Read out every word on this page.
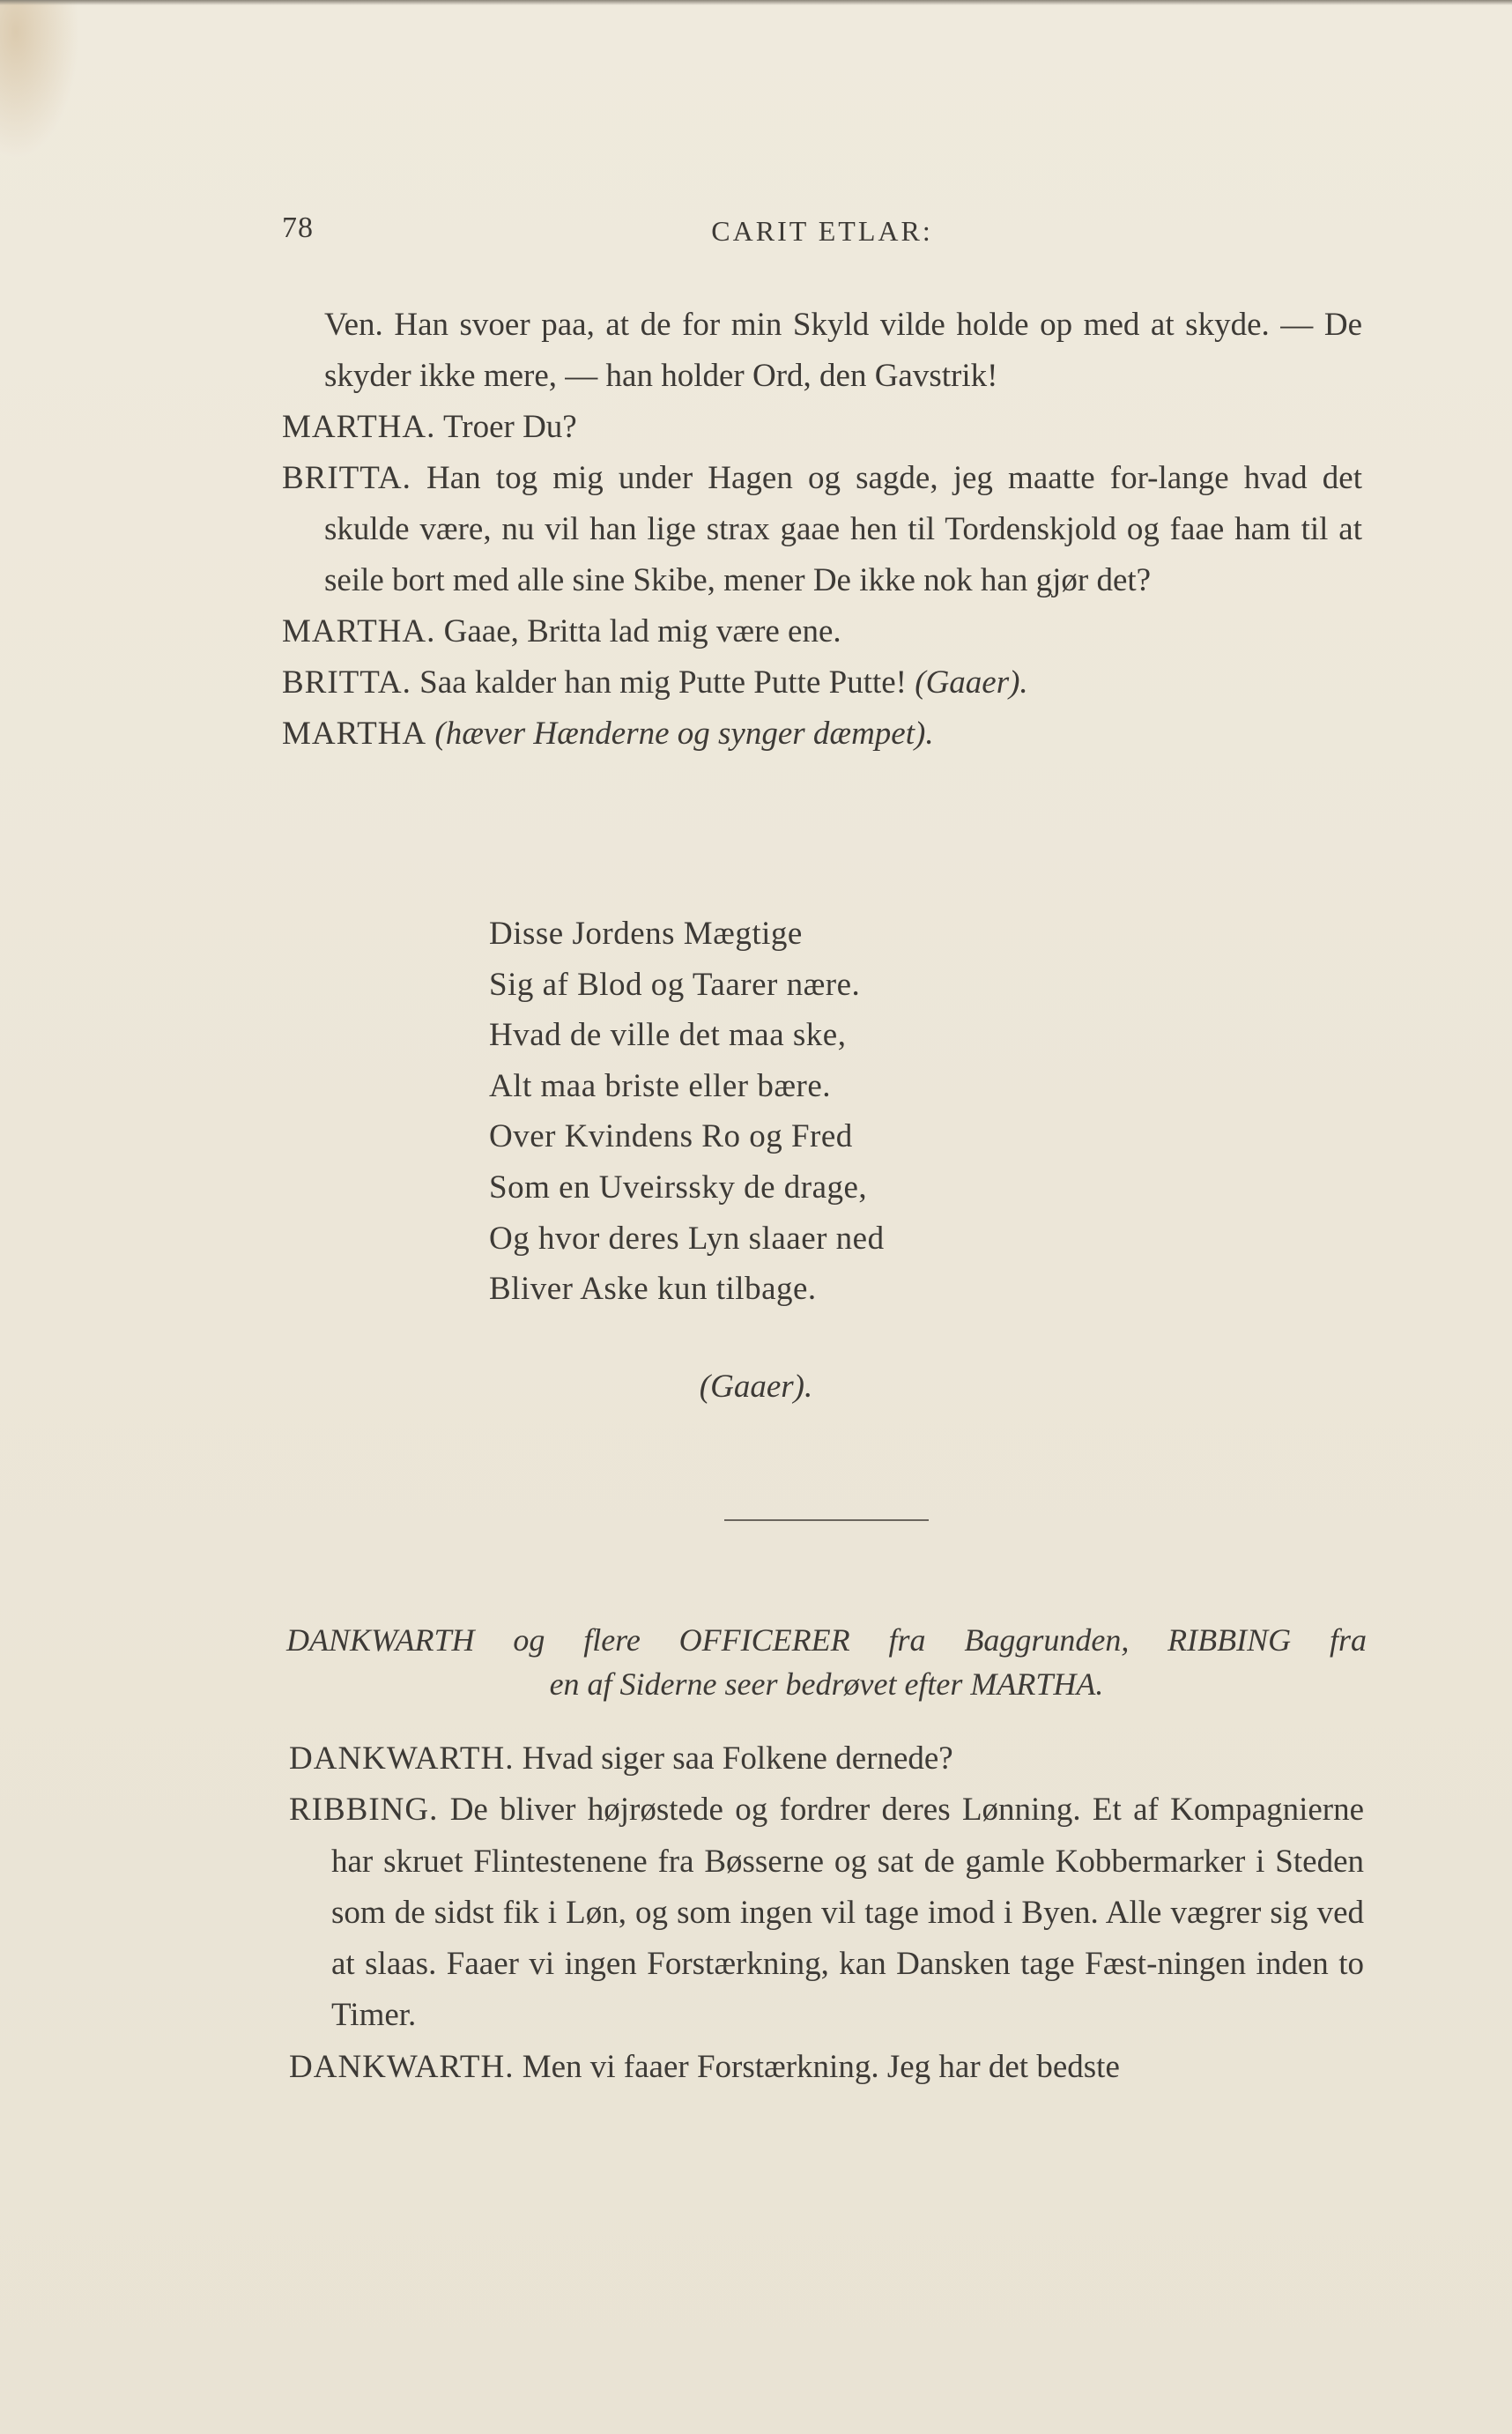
78	CARIT ETLAR:

Ven. Han svoer paa, at de for min Skyld vilde holde op med at skyde. — De skyder ikke mere, — han holder Ord, den Gavstrik!

MARTHA. Troer Du?

BRITTA. Han tog mig under Hagen og sagde, jeg maatte for-lange hvad det skulde være, nu vil han lige strax gaae hen til Tordenskjold og faae ham til at seile bort med alle sine Skibe, mener De ikke nok han gjør det?

MARTHA. Gaae, Britta lad mig være ene.

BRITTA. Saa kalder han mig Putte Putte Putte! (Gaaer).

MARTHA (hæver Hænderne og synger dæmpet).

Disse Jordens Mægtige
Sig af Blod og Taarer nære.
Hvad de ville det maa ske,
Alt maa briste eller bære.
Over Kvindens Ro og Fred
Som en Uveirssky de drage,
Og hvor deres Lyn slaaer ned
Bliver Aske kun tilbage.
(Gaaer).
DANKWARTH og flere OFFICERER fra Baggrunden, RIBBING fra
en af Siderne seer bedrøvet efter MARTHA.

DANKWARTH. Hvad siger saa Folkene dernede?

RIBBING. De bliver højrøstede og fordrer deres Lønning. Et af Kompagnierne har skruet Flintestenene fra Bøsserne og sat de gamle Kobbermarker i Steden som de sidst fik i Løn, og som ingen vil tage imod i Byen. Alle vægrer sig ved at slaas. Faaer vi ingen Forstærkning, kan Dansken tage Fæst-ningen inden to Timer.

DANKWARTH. Men vi faaer Forstærkning. Jeg har det bedste
